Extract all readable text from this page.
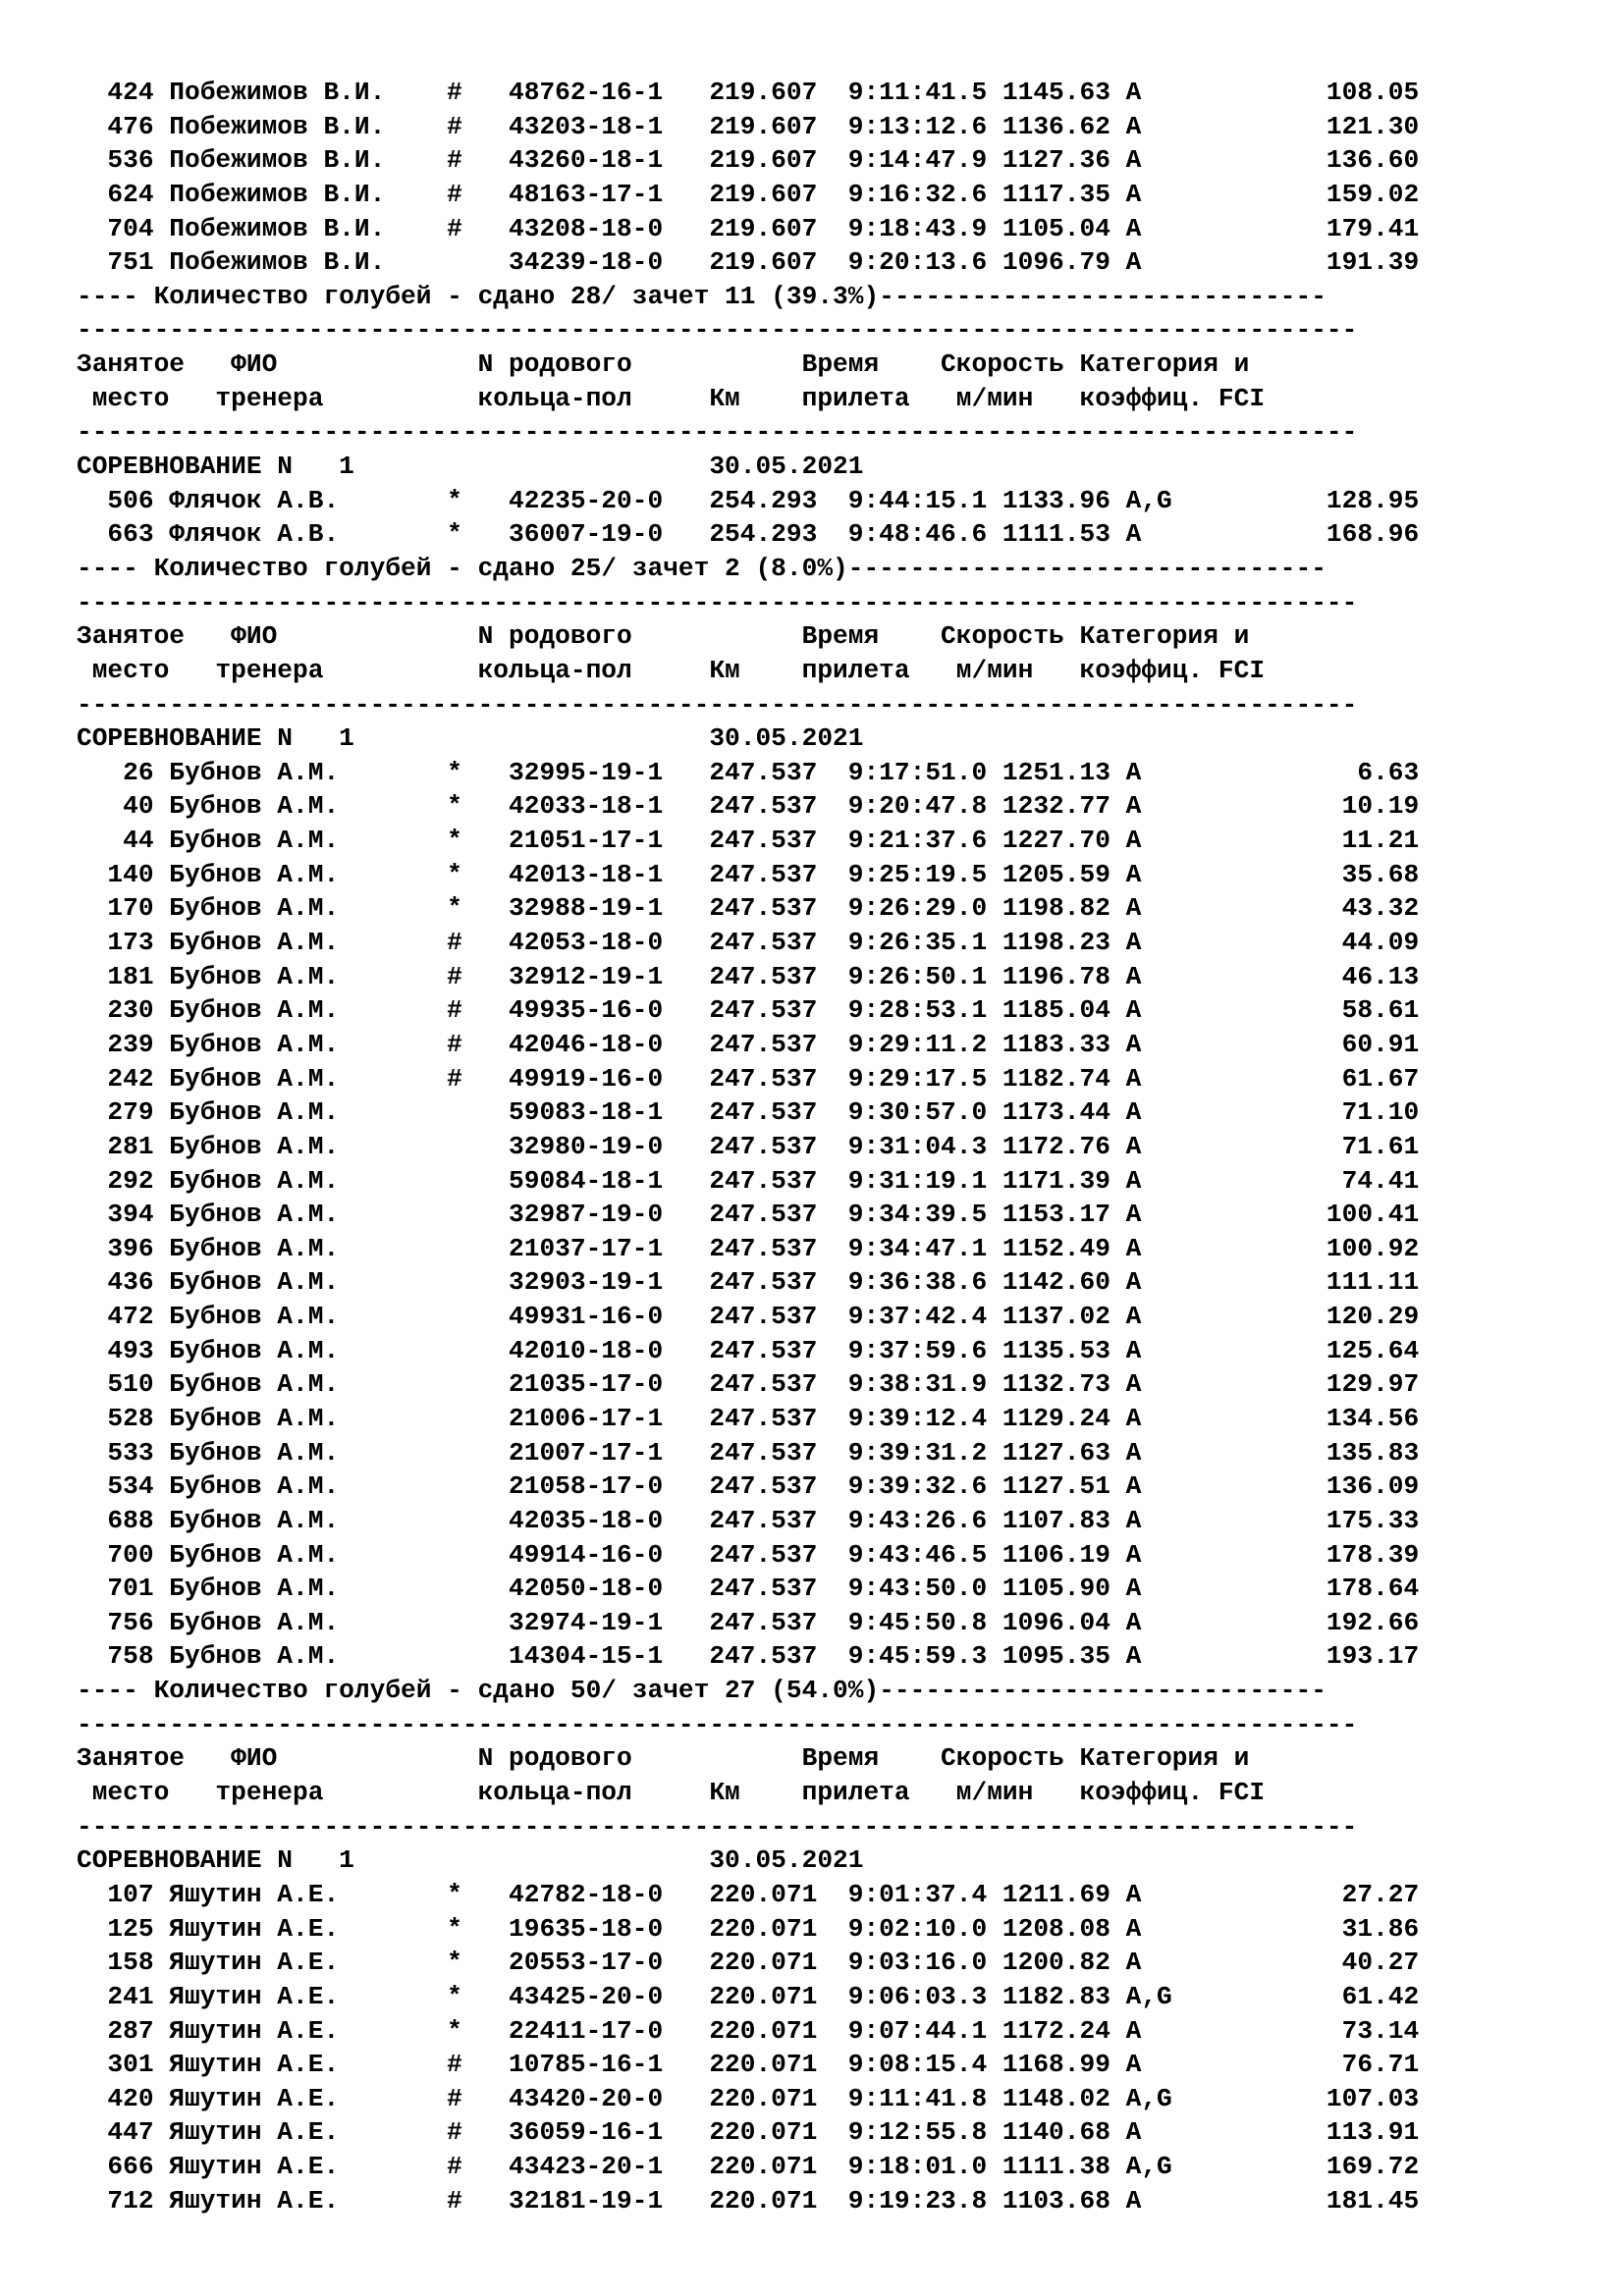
424 Побежимов В.И.    #   48762-16-1   219.607  9:11:41.5 1145.63 A            108.05
476 Побежимов В.И.    #   43203-18-1   219.607  9:13:12.6 1136.62 A            121.30
536 Побежимов В.И.    #   43260-18-1   219.607  9:14:47.9 1127.36 A            136.60
624 Побежимов В.И.    #   48163-17-1   219.607  9:16:32.6 1117.35 A            159.02
704 Побежимов В.И.    #   43208-18-0   219.607  9:18:43.9 1105.04 A            179.41
751 Побежимов В.И.        34239-18-0   219.607  9:20:13.6 1096.79 A            191.39
---- Количество голубей - сдано 28/ зачет 11 (39.3%)-----------------------------
-----------------------------------------------------------------------------------
Занятое   ФИО             N родового           Время    Скорость Категория и
место   тренера          кольца-пол     Км    прилета   м/мин   коэффиц. FCI
-----------------------------------------------------------------------------------
СОРЕВНОВАНИЕ N   1                       30.05.2021
506 Флячок А.В.       *   42235-20-0   254.293  9:44:15.1 1133.96 A,G          128.95
663 Флячок А.В.       *   36007-19-0   254.293  9:48:46.6 1111.53 A            168.96
---- Количество голубей - сдано 25/ зачет 2 (8.0%)-------------------------------
-----------------------------------------------------------------------------------
Занятое   ФИО             N родового           Время    Скорость Категория и
место   тренера          кольца-пол     Км    прилета   м/мин   коэффиц. FCI
-----------------------------------------------------------------------------------
СОРЕВНОВАНИЕ N   1                       30.05.2021
26 Бубнов А.М.       *   32995-19-1   247.537  9:17:51.0 1251.13 A              6.63
40 Бубнов А.М.       *   42033-18-1   247.537  9:20:47.8 1232.77 A             10.19
44 Бубнов А.М.       *   21051-17-1   247.537  9:21:37.6 1227.70 A             11.21
140 Бубнов А.М.       *   42013-18-1   247.537  9:25:19.5 1205.59 A             35.68
170 Бубнов А.М.       *   32988-19-1   247.537  9:26:29.0 1198.82 A             43.32
173 Бубнов А.М.       #   42053-18-0   247.537  9:26:35.1 1198.23 A             44.09
181 Бубнов А.М.       #   32912-19-1   247.537  9:26:50.1 1196.78 A             46.13
230 Бубнов А.М.       #   49935-16-0   247.537  9:28:53.1 1185.04 A             58.61
239 Бубнов А.М.       #   42046-18-0   247.537  9:29:11.2 1183.33 A             60.91
242 Бубнов А.М.       #   49919-16-0   247.537  9:29:17.5 1182.74 A             61.67
279 Бубнов А.М.           59083-18-1   247.537  9:30:57.0 1173.44 A             71.10
281 Бубнов А.М.           32980-19-0   247.537  9:31:04.3 1172.76 A             71.61
292 Бубнов А.М.           59084-18-1   247.537  9:31:19.1 1171.39 A             74.41
394 Бубнов А.М.           32987-19-0   247.537  9:34:39.5 1153.17 A            100.41
396 Бубнов А.М.           21037-17-1   247.537  9:34:47.1 1152.49 A            100.92
436 Бубнов А.М.           32903-19-1   247.537  9:36:38.6 1142.60 A            111.11
472 Бубнов А.М.           49931-16-0   247.537  9:37:42.4 1137.02 A            120.29
493 Бубнов А.М.           42010-18-0   247.537  9:37:59.6 1135.53 A            125.64
510 Бубнов А.М.           21035-17-0   247.537  9:38:31.9 1132.73 A            129.97
528 Бубнов А.М.           21006-17-1   247.537  9:39:12.4 1129.24 A            134.56
533 Бубнов А.М.           21007-17-1   247.537  9:39:31.2 1127.63 A            135.83
534 Бубнов А.М.           21058-17-0   247.537  9:39:32.6 1127.51 A            136.09
688 Бубнов А.М.           42035-18-0   247.537  9:43:26.6 1107.83 A            175.33
700 Бубнов А.М.           49914-16-0   247.537  9:43:46.5 1106.19 A            178.39
701 Бубнов А.М.           42050-18-0   247.537  9:43:50.0 1105.90 A            178.64
756 Бубнов А.М.           32974-19-1   247.537  9:45:50.8 1096.04 A            192.66
758 Бубнов А.М.           14304-15-1   247.537  9:45:59.3 1095.35 A            193.17
---- Количество голубей - сдано 50/ зачет 27 (54.0%)-----------------------------
-----------------------------------------------------------------------------------
Занятое   ФИО             N родового           Время    Скорость Категория и
место   тренера          кольца-пол     Км    прилета   м/мин   коэффиц. FCI
-----------------------------------------------------------------------------------
СОРЕВНОВАНИЕ N   1                       30.05.2021
107 Яшутин А.Е.       *   42782-18-0   220.071  9:01:37.4 1211.69 A             27.27
125 Яшутин А.Е.       *   19635-18-0   220.071  9:02:10.0 1208.08 A             31.86
158 Яшутин А.Е.       *   20553-17-0   220.071  9:03:16.0 1200.82 A             40.27
241 Яшутин А.Е.       *   43425-20-0   220.071  9:06:03.3 1182.83 A,G           61.42
287 Яшутин А.Е.       *   22411-17-0   220.071  9:07:44.1 1172.24 A             73.14
301 Яшутин А.Е.       #   10785-16-1   220.071  9:08:15.4 1168.99 A             76.71
420 Яшутин А.Е.       #   43420-20-0   220.071  9:11:41.8 1148.02 A,G          107.03
447 Яшутин А.Е.       #   36059-16-1   220.071  9:12:55.8 1140.68 A            113.91
666 Яшутин А.Е.       #   43423-20-1   220.071  9:18:01.0 1111.38 A,G          169.72
712 Яшутин А.Е.       #   32181-19-1   220.071  9:19:23.8 1103.68 A            181.45
